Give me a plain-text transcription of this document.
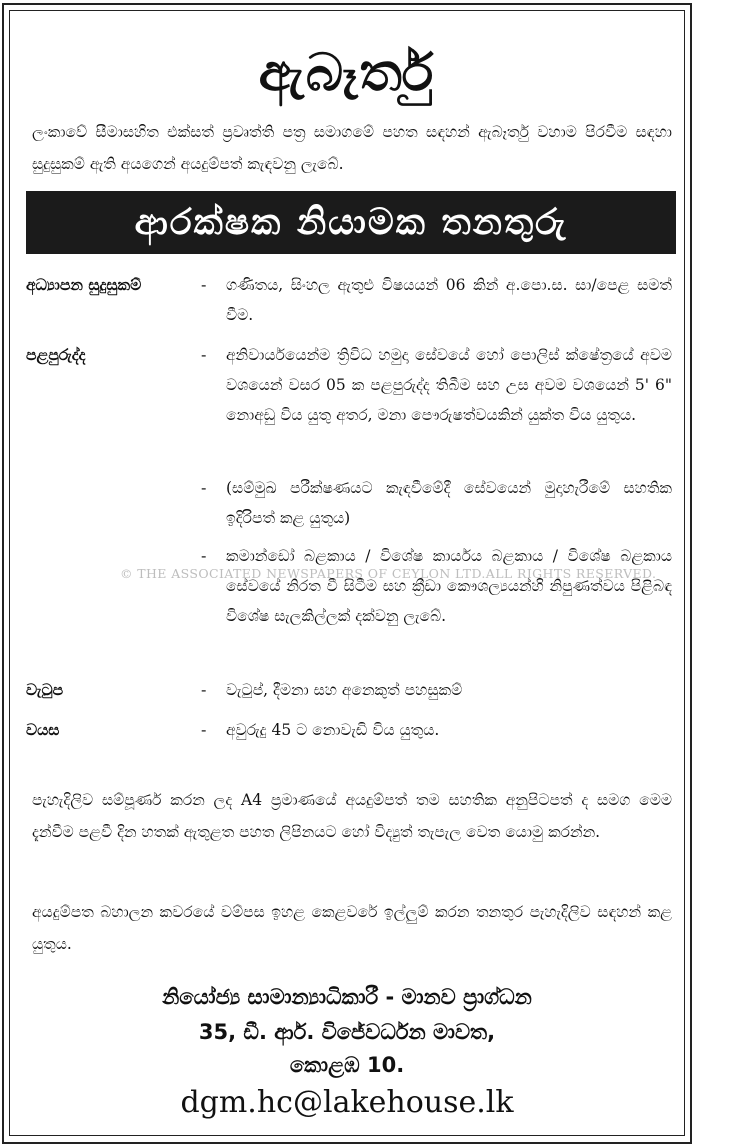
ඇබෑර්තු

ලංකාවේ සීමාසහිත එක්සත් ප්‍රවෘත්ති පත්‍ර සමාගමේ පහත සඳහන් ඇබෑර්තු වහාම පිරවීම සඳහා සුදුසුකම් ඇති අයගෙන් අයදුම්පත් කැඳවනු ලැබේ.

ආරක්ෂක නියාමක තනතුරු
අධ්‍යාපන සුදුසුකම්	- ගණිතය, සිංහල ඇතුළු විෂයයන් 06 කින් අ.පො.ස. සා/පෙළ සමත් වීම.

පළපුරුද්ද	- අනිවාර්යයෙන්ම ත්‍රිවිධ හමුදා සේවයේ හෝ පොලිස් ක්ෂේත්‍රයේ අවම වශයෙන් වසර 05 ක පළපුරුද්ද තිබීම සහ උස අවම වශයෙන් 5' 6" නොඅඩු විය යුතු අතර, මනා පෞරුෂත්වයකින් යුක්ත විය යුතුය.

- (සම්මුඛ පරීක්ෂණයට කැඳවීමේදී සේවයෙන් මුදාහැරීමේ සහතික ඉදිරිපත් කළ යුතුය)

- කමාන්ඩෝ බළකාය / විශේෂ කාර්යය බළකාය / විශේෂ බළකාය සේවයේ නිරත වී සිටීම සහ ක්‍රීඩා කෞශල්‍යයන්හි නිපුණත්වය පිළිබඳ විශේෂ සැලකිල්ලක් දක්වනු ලැබේ.

වැටුප	- වැටුප්, දීමනා සහ අනෙකුත් පහසුකම්

වයස	- අවුරුදු 45 ට නොවැඩි විය යුතුය.

© THE ASSOCIATED NEWSPAPERS OF CEYLON LTD.ALL RIGHTS RESERVED.

පැහැදිලිව සම්පූර්ණ කරන ලද A4 ප්‍රමාණයේ අයදුම්පත් තම සහතික අනුපිටපත් ද සමග මෙම දැන්වීම පළවී දින හතක් ඇතුළත පහත ලිපිනයට හෝ විද්‍යුත් තැපැල වෙත යොමු කරන්න.

අයදුම්පත බහාලන කවරයේ වම්පස ඉහළ කෙළවරේ ඉල්ලුම් කරන තනතුර පැහැදිලිව සඳහන් කළ යුතුය.

නියෝජ්‍ය සාමාන්‍යාධිකාරී - මානව ප්‍රාග්ධන

35, ඩී. ආර්. විජේවර්ධන මාවත,

කොළඹ 10.

dgm.hc@lakehouse.lk
